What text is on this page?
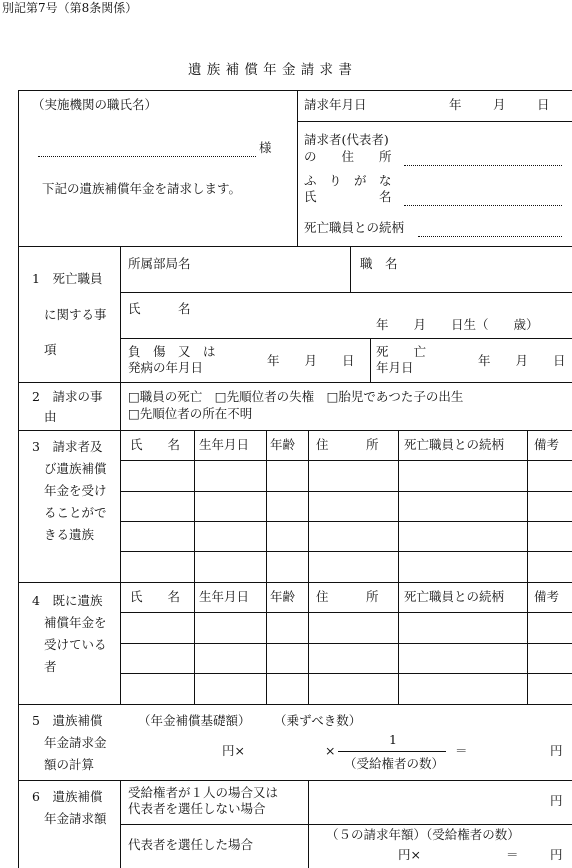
別記第7号（第8条関係）
遺 族 補 償 年 金 請 求 書
（実施機関の職氏名）
様
下記の遺族補償年金を請求します。
請求年月日	年	月	日
請求者(代表者)
の　　住　　所
ふ　り　が　な
氏　　　　　名
死亡職員との続柄
1　死亡職員
に関する事
項
所属部局名	職　名
氏　　　名
年　　月　　日生（　　歳）
負　傷　又　は
発病の年月日	年　　月　　日
死　　亡
年月日	年　　月　　日
2　請求の事
由
□職員の死亡　□先順位者の失権　□胎児であつた子の出生
□先順位者の所在不明
3　請求者及
び遺族補償
年金を受け
ることがで
きる遺族
氏　　名 生年月日 年齢 住　　　所 死亡職員との続柄 備考
4　既に遺族
補償年金を
受けている
者
氏　　名 生年月日 年齢 住　　　所 死亡職員との続柄 備考
5　遺族補償
年金請求金
額の計算
（年金補償基礎額） （乗ずべき数）
円×	×
1
（受給権者の数）
＝	円
6　遺族補償
年金請求額
受給権者が１人の場合又は
代表者を選任しない場合
円
代表者を選任した場合
（５の請求年額）（受給権者の数）
円×	＝	円
